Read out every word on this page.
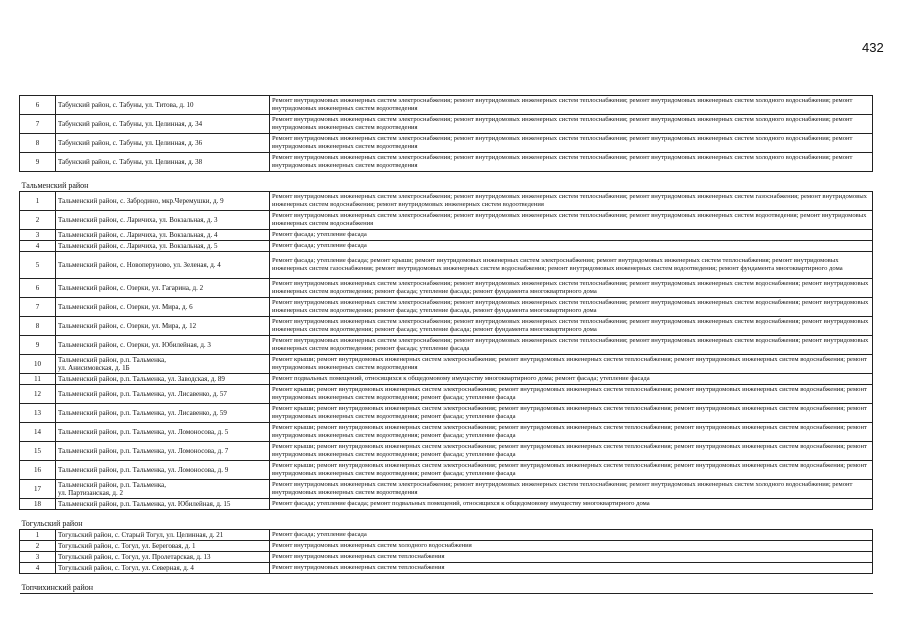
432
6	Табунский район, с. Табуны, ул. Титова, д. 10	Ремонт внутридомовых инженерных систем электроснабжения; ремонт внутридомовых инженерных систем теплоснабжения; ремонт внутридомовых инженерных систем холодного водоснабжения; ремонт внутридомовых инженерных систем водоотведения
7	Табунский район, с. Табуны, ул. Целинная, д. 34	Ремонт внутридомовых инженерных систем электроснабжения; ремонт внутридомовых инженерных систем теплоснабжения; ремонт внутридомовых инженерных систем холодного водоснабжения; ремонт внутридомовых инженерных систем водоотведения
8	Табунский район, с. Табуны, ул. Целинная, д. 36	Ремонт внутридомовых инженерных систем электроснабжения; ремонт внутридомовых инженерных систем теплоснабжения; ремонт внутридомовых инженерных систем холодного водоснабжения; ремонт внутридомовых инженерных систем водоотведения
9	Табунский район, с. Табуны, ул. Целинная, д. 38	Ремонт внутридомовых инженерных систем электроснабжения; ремонт внутридомовых инженерных систем теплоснабжения; ремонт внутридомовых инженерных систем холодного водоснабжения; ремонт внутридомовых инженерных систем водоотведения
Тальменский район		
1	Тальменский район, с. Забродино, мкр.Черемушки, д. 9	Ремонт внутридомовых инженерных систем электроснабжения; ремонт внутридомовых инженерных систем теплоснабжения; ремонт внутридомовых инженерных систем газоснабжения; ремонт внутридомовых инженерных систем водоснабжения; ремонт внутридомовых инженерных систем водоотведения
2	Тальменский район, с. Ларичиха, ул. Вокзальная, д. 3	Ремонт внутридомовых инженерных систем электроснабжения; ремонт внутридомовых инженерных систем теплоснабжения; ремонт внутридомовых инженерных систем водоотведения; ремонт внутридомовых инженерных систем водоснабжения
3	Тальменский район, с. Ларичиха, ул. Вокзальная, д. 4	Ремонт фасада; утепление фасада
4	Тальменский район, с. Ларичиха, ул. Вокзальная, д. 5	Ремонт фасада; утепление фасада
5	Тальменский район, с. Новоперуново, ул. Зеленая, д. 4	Ремонт фасада; утепление фасада; ремонт крыши; ремонт внутридомовых инженерных систем электроснабжения; ремонт внутридомовых инженерных систем теплоснабжения; ремонт внутридомовых инженерных систем газоснабжения; ремонт внутридомовых инженерных систем водоснабжения; ремонт внутридомовых инженерных систем водоотведения; ремонт фундамента многоквартирного дома
6	Тальменский район, с. Озерки, ул. Гагарина, д. 2	Ремонт внутридомовых инженерных систем электроснабжения; ремонт внутридомовых инженерных систем теплоснабжения; ремонт внутридомовых инженерных систем водоснабжения; ремонт внутридомовых инженерных систем водоотведения; ремонт фасада; утепление фасада; ремонт фундамента многоквартирного дома
7	Тальменский район, с. Озерки, ул. Мира, д. 6	Ремонт внутридомовых инженерных систем электроснабжения; ремонт внутридомовых инженерных систем теплоснабжения; ремонт внутридомовых инженерных систем водоснабжения; ремонт внутридомовых инженерных систем водоотведения; ремонт фасада; утепление фасада, ремонт фундамента многоквартирного дома
8	Тальменский район, с. Озерки, ул. Мира, д. 12	Ремонт внутридомовых инженерных систем электроснабжения; ремонт внутридомовых инженерных систем теплоснабжения; ремонт внутридомовых инженерных систем водоснабжения; ремонт внутридомовых инженерных систем водоотведения; ремонт фасада; утепление фасада; ремонт фундамента многоквартирного дома
9	Тальменский район, с. Озерки, ул. Юбилейная, д. 3	Ремонт внутридомовых инженерных систем электроснабжения; ремонт внутридомовых инженерных систем теплоснабжения; ремонт внутридомовых инженерных систем водоснабжения; ремонт внутридомовых инженерных систем водоотведения; ремонт фасада; утепление фасада
10	Тальменский район, р.п. Тальменка,
ул. Анисимовская, д. 1Б	Ремонт крыши; ремонт внутридомовых инженерных систем электроснабжения; ремонт внутридомовых инженерных систем теплоснабжения; ремонт внутридомовых инженерных систем водоснабжения; ремонт внутридомовых инженерных систем водоотведения
11	Тальменский район, р.п. Тальменка, ул. Заводская, д. 89	Ремонт подвальных помещений, относящихся к общедомовому имуществу многоквартирного дома; ремонт фасада; утепление фасада
12	Тальменский район, р.п. Тальменка, ул. Лисавенко, д. 57	Ремонт крыши; ремонт внутридомовых инженерных систем электроснабжения; ремонт внутридомовых инженерных систем теплоснабжения; ремонт внутридомовых инженерных систем водоснабжения; ремонт внутридомовых инженерных систем водоотведения; ремонт фасада; утепление фасада
13	Тальменский район, р.п. Тальменка, ул. Лисавенко, д. 59	Ремонт крыши; ремонт внутридомовых инженерных систем электроснабжения; ремонт внутридомовых инженерных систем теплоснабжения; ремонт внутридомовых инженерных систем водоснабжения; ремонт внутридомовых инженерных систем водоотведения; ремонт фасада; утепление фасада
14	Тальменский район, р.п. Тальменка, ул. Ломоносова, д. 5	Ремонт крыши; ремонт внутридомовых инженерных систем электроснабжения; ремонт внутридомовых инженерных систем теплоснабжения; ремонт внутридомовых инженерных систем водоснабжения; ремонт внутридомовых инженерных систем водоотведения; ремонт фасада; утепление фасада
15	Тальменский район, р.п. Тальменка, ул. Ломоносова, д. 7	Ремонт крыши; ремонт внутридомовых инженерных систем электроснабжения; ремонт внутридомовых инженерных систем теплоснабжения; ремонт внутридомовых инженерных систем водоснабжения; ремонт внутридомовых инженерных систем водоотведения; ремонт фасада; утепление фасада
16	Тальменский район, р.п. Тальменка, ул. Ломоносова, д. 9	Ремонт крыши; ремонт внутридомовых инженерных систем электроснабжения; ремонт внутридомовых инженерных систем теплоснабжения; ремонт внутридомовых инженерных систем водоснабжения; ремонт внутридомовых инженерных систем водоотведения; ремонт фасада; утепление фасада
17	Тальменский район, р.п. Тальменка,
ул. Партизанская, д. 2	Ремонт внутридомовых инженерных систем электроснабжения; ремонт внутридомовых инженерных систем теплоснабжения; ремонт внутридомовых инженерных систем холодного водоснабжения; ремонт внутридомовых инженерных систем водоотведения
18	Тальменский район, р.п. Тальменка, ул. Юбилейная, д. 15	Ремонт фасада; утепление фасада; ремонт подвальных помещений, относящихся к общедомовому имуществу многоквартирного дома
Тогульский район		
1	Тогульский район, с. Старый Тогул, ул. Целинная, д. 21	Ремонт фасада; утепление фасада
2	Тогульский район, с. Тогул, ул. Береговая, д. 1	Ремонт внутридомовых инженерных систем холодного водоснабжения
3	Тогульский район, с. Тогул, ул. Пролетарская, д. 13	Ремонт внутридомовых инженерных систем теплоснабжения
4	Тогульский район, с. Тогул, ул. Северная, д. 4	Ремонт внутридомовых инженерных систем теплоснабжения
Топчихинский район		
